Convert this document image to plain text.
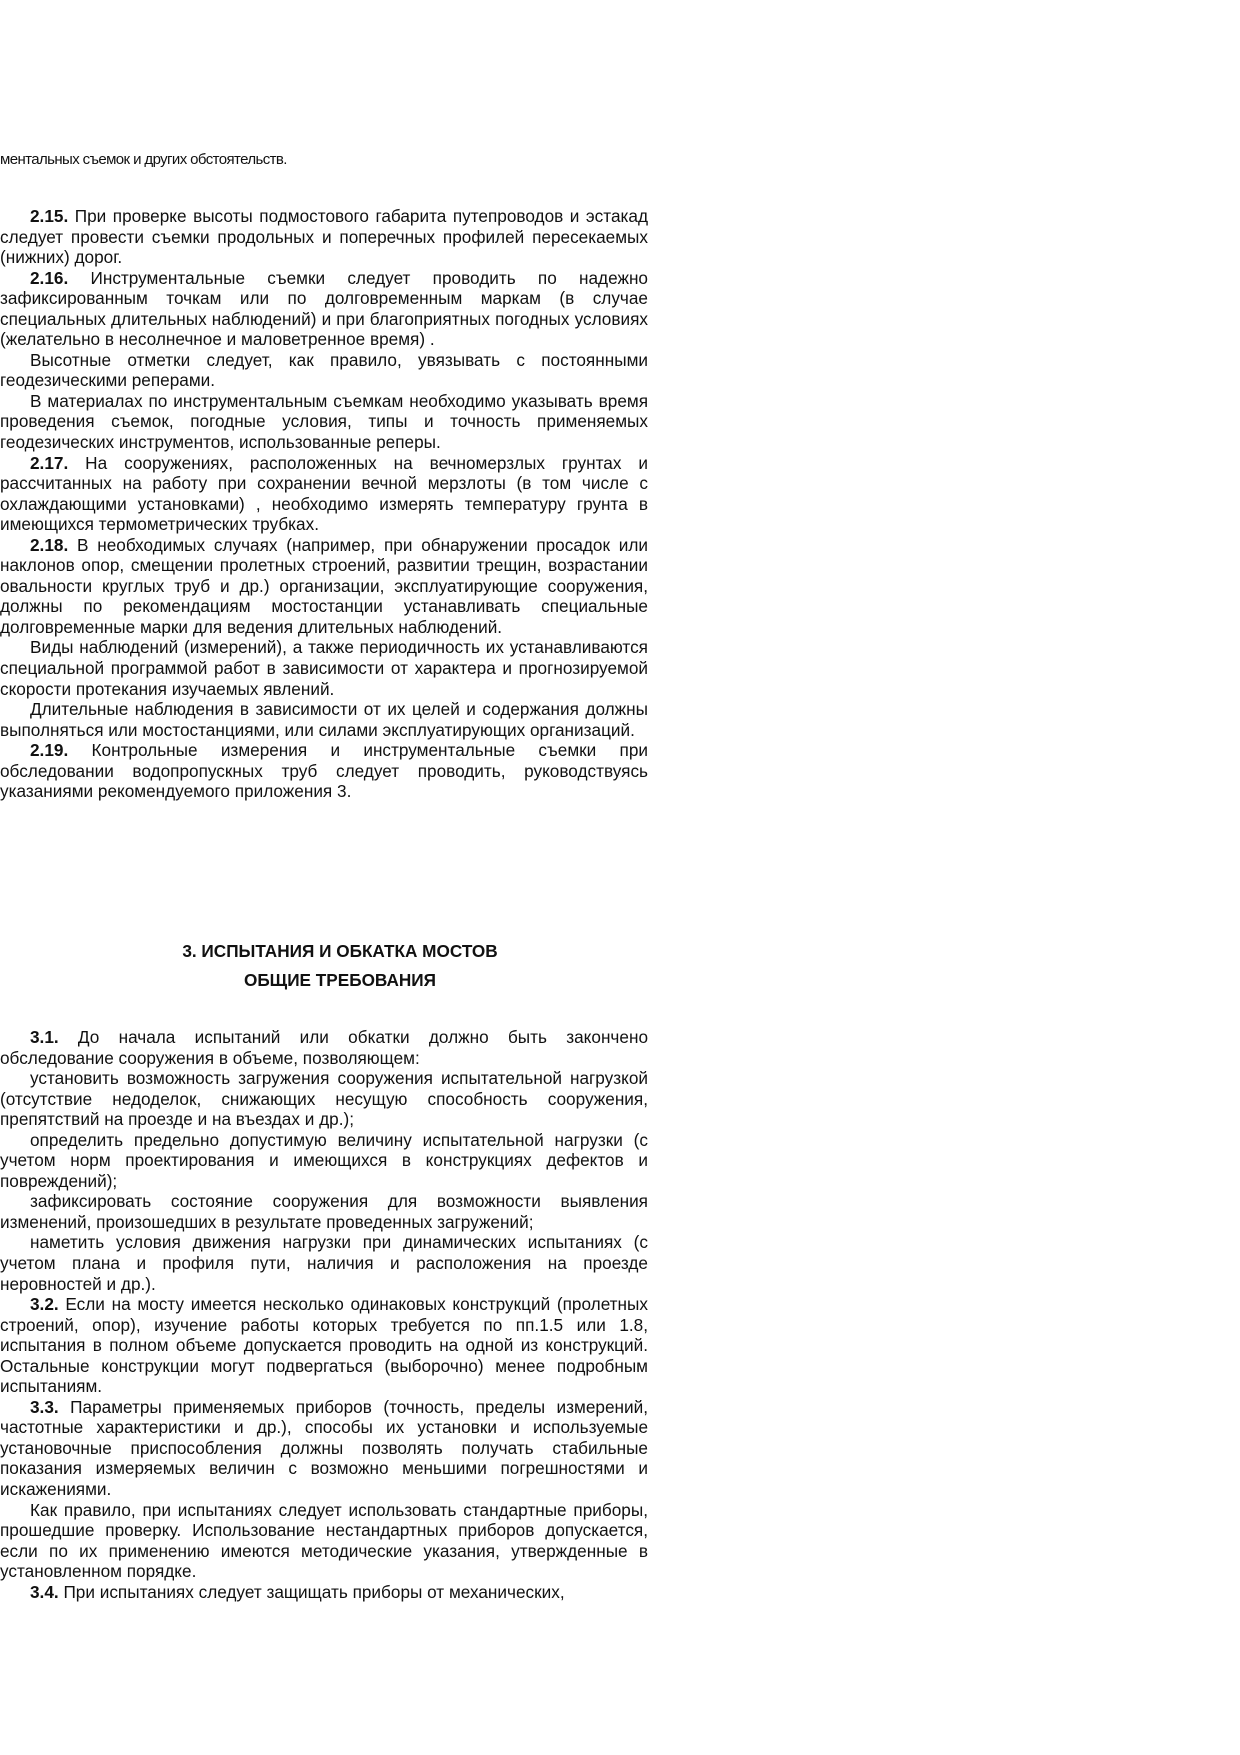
ментальных съемок и других обстоятельств.

2.15. При проверке высоты подмостового габарита путепроводов и эстакад следует провести съемки продольных и поперечных профилей пересекаемых (нижних) дорог.

2.16. Инструментальные съемки следует проводить по надежно зафиксированным точкам или по долговременным маркам (в случае специальных длительных наблюдений) и при благоприятных погодных условиях (желательно в несолнечное и маловетренное время) .

Высотные отметки следует, как правило, увязывать с постоянными геодезическими реперами.

В материалах по инструментальным съемкам необходимо указывать время проведения съемок, погодные условия, типы и точность применяемых геодезических инструментов, использованные реперы.

2.17. На сооружениях, расположенных на вечномерзлых грунтах и рассчитанных на работу при сохранении вечной мерзлоты (в том числе с охлаждающими установками) , необходимо измерять температуру грунта в имеющихся термометрических трубках.

2.18. В необходимых случаях (например, при обнаружении просадок или наклонов опор, смещении пролетных строений, развитии трещин, возрастании овальности круглых труб и др.) организации, эксплуатирующие сооружения, должны по рекомендациям мостостанции устанавливать специальные долговременные марки для ведения длительных наблюдений.

Виды наблюдений (измерений), а также периодичность их устанавливаются специальной программой работ в зависимости от характера и прогнозируемой скорости протекания изучаемых явлений.

Длительные наблюдения в зависимости от их целей и содержания должны выполняться или мостостанциями, или силами эксплуатирующих организаций.

2.19. Контрольные измерения и инструментальные съемки при обследовании водопропускных труб следует проводить, руководствуясь указаниями рекомендуемого приложения 3.

3. ИСПЫТАНИЯ И ОБКАТКА МОСТОВ
ОБЩИЕ ТРЕБОВАНИЯ

3.1. До начала испытаний или обкатки должно быть закончено обследование сооружения в объеме, позволяющем:

установить возможность загружения сооружения испытательной нагрузкой (отсутствие недоделок, снижающих несущую способность сооружения, препятствий на проезде и на въездах и др.);

определить предельно допустимую величину испытательной нагрузки (с учетом норм проектирования и имеющихся в конструкциях дефектов и повреждений);

зафиксировать состояние сооружения для возможности выявления изменений, произошедших в результате проведенных загружений;

наметить условия движения нагрузки при динамических испытаниях (с учетом плана и профиля пути, наличия и расположения на проезде неровностей и др.).

3.2. Если на мосту имеется несколько одинаковых конструкций (пролетных строений, опор), изучение работы которых требуется по пп.1.5 или 1.8, испытания в полном объеме допускается проводить на одной из конструкций. Остальные конструкции могут подвергаться (выборочно) менее подробным испытаниям.

3.3. Параметры применяемых приборов (точность, пределы измерений, частотные характеристики и др.), способы их установки и используемые установочные приспособления должны позволять получать стабильные показания измеряемых величин с возможно меньшими погрешностями и искажениями.

Как правило, при испытаниях следует использовать стандартные приборы, прошедшие проверку. Использование нестандартных приборов допускается, если по их применению имеются методические указания, утвержденные в установленном порядке.

3.4. При испытаниях следует защищать приборы от механических,
